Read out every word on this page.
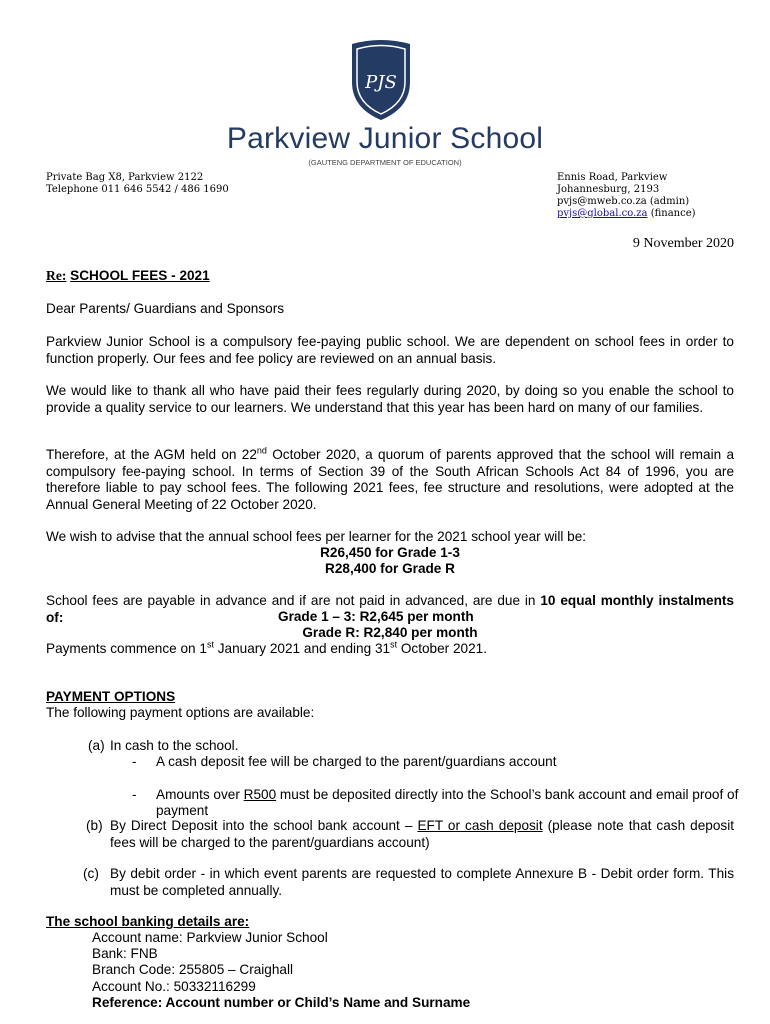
PJS
Parkview Junior School
(GAUTENG DEPARTMENT OF EDUCATION)
Private Bag X8, Parkview 2122
Telephone 011 646 5542 / 486 1690
Ennis Road, Parkview
Johannesburg, 2193
pvjs@mweb.co.za (admin)
pvjs@global.co.za (finance)
9 November 2020
Re: SCHOOL FEES - 2021
Dear Parents/ Guardians and Sponsors
Parkview Junior School is a compulsory fee-paying public school. We are dependent on school fees in order to function properly. Our fees and fee policy are reviewed on an annual basis.
We would like to thank all who have paid their fees regularly during 2020, by doing so you enable the school to provide a quality service to our learners. We understand that this year has been hard on many of our families.
Therefore, at the AGM held on 22nd October 2020, a quorum of parents approved that the school will remain a compulsory fee-paying school. In terms of Section 39 of the South African Schools Act 84 of 1996, you are therefore liable to pay school fees. The following 2021 fees, fee structure and resolutions, were adopted at the Annual General Meeting of 22 October 2020.
We wish to advise that the annual school fees per learner for the 2021 school year will be:
R26,450 for Grade 1-3
R28,400 for Grade R
School fees are payable in advance and if are not paid in advanced, are due in 10 equal monthly instalments of:	Grade 1 – 3: R2,645 per month
Grade R: R2,840 per month
Payments commence on 1st January 2021 and ending 31st October 2021.
PAYMENT OPTIONS
The following payment options are available:
(a) In cash to the school.
- A cash deposit fee will be charged to the parent/guardians account
- Amounts over R500 must be deposited directly into the School’s bank account and email proof of payment
(b) By Direct Deposit into the school bank account – EFT or cash deposit (please note that cash deposit fees will be charged to the parent/guardians account)
(c) By debit order - in which event parents are requested to complete Annexure B - Debit order form. This must be completed annually.
The school banking details are:
Account name: Parkview Junior School
Bank: FNB
Branch Code: 255805 – Craighall
Account No.: 50332116299
Reference: Account number or Child’s Name and Surname
